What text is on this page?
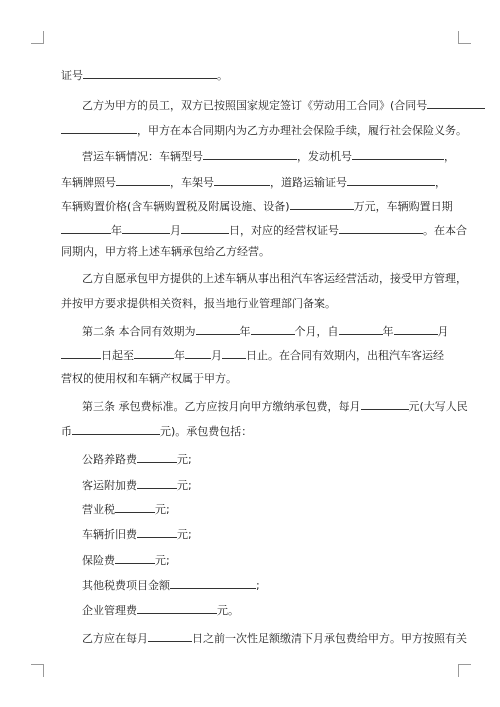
证号	。
乙方为甲方的员工，双方已按照国家规定签订《劳动用工合同》(合同号
，甲方在本合同期内为乙方办理社会保险手续，履行社会保险义务。
营运车辆情况：车辆型号	，发动机号	，
车辆牌照号	，车架号	，道路运输证号	，
车辆购置价格(含车辆购置税及附属设施、设备)	万元，车辆购置日期
年	月	日，对应的经营权证号	。在本合
同期内，甲方将上述车辆承包给乙方经营。
乙方自愿承包甲方提供的上述车辆从事出租汽车客运经营活动，接受甲方管理，
并按甲方要求提供相关资料，报当地行业管理部门备案。
第二条 本合同有效期为	年	个月，自	年	月
日起至	年 月 日止。在合同有效期内，出租汽车客运经
营权的使用权和车辆产权属于甲方。
第三条 承包费标准。乙方应按月向甲方缴纳承包费，每月	元(大写人民
币	元)。承包费包括：
公路养路费	元;
客运附加费	元;
营业税	元;
车辆折旧费	元;
保险费	元;
其他税费项目金额	;
企业管理费	元。
乙方应在每月	日之前一次性足额缴清下月承包费给甲方。甲方按照有关
